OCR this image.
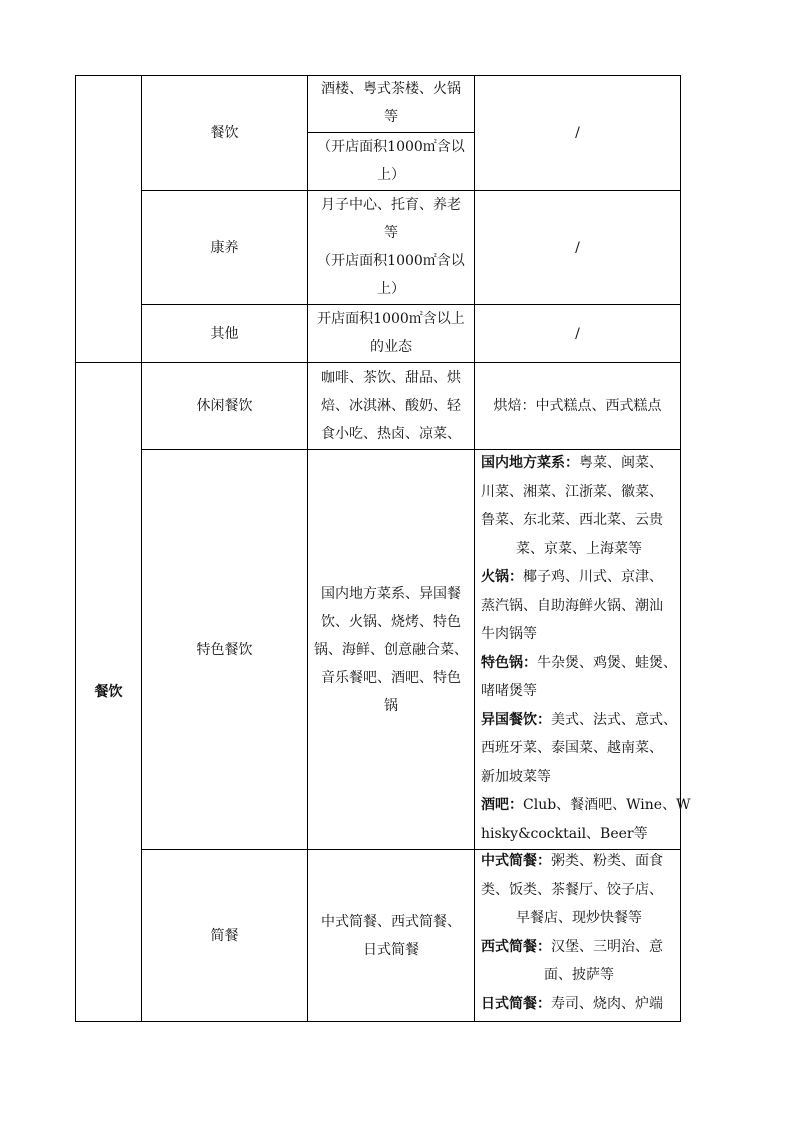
餐饮
餐饮
酒楼、粤式茶楼、火锅
等
（开店面积1000㎡含以
上）
/
康养
月子中心、托育、养老
等
（开店面积1000㎡含以
上）
/
其他
开店面积1000㎡含以上
的业态
/
休闲餐饮
咖啡、茶饮、甜品、烘
焙、冰淇淋、酸奶、轻
食小吃、热卤、凉菜、
烘焙：中式糕点、西式糕点
特色餐饮
国内地方菜系、异国餐
饮、火锅、烧烤、特色
锅、海鲜、创意融合菜、
音乐餐吧、酒吧、特色
锅
国内地方菜系：粤菜、闽菜、
川菜、湘菜、江浙菜、徽菜、
鲁菜、东北菜、西北菜、云贵
菜、京菜、上海菜等
火锅：椰子鸡、川式、京津、
蒸汽锅、自助海鲜火锅、潮汕
牛肉锅等
特色锅：牛杂煲、鸡煲、蛙煲、
啫啫煲等
异国餐饮：美式、法式、意式、
西班牙菜、泰国菜、越南菜、
新加坡菜等
酒吧：Club、餐酒吧、Wine、W
hisky&cocktail、Beer等
简餐
中式简餐、西式简餐、
日式简餐
中式简餐：粥类、粉类、面食
类、饭类、茶餐厅、饺子店、
早餐店、现炒快餐等
西式简餐：汉堡、三明治、意
面、披萨等
日式简餐：寿司、烧肉、炉端
